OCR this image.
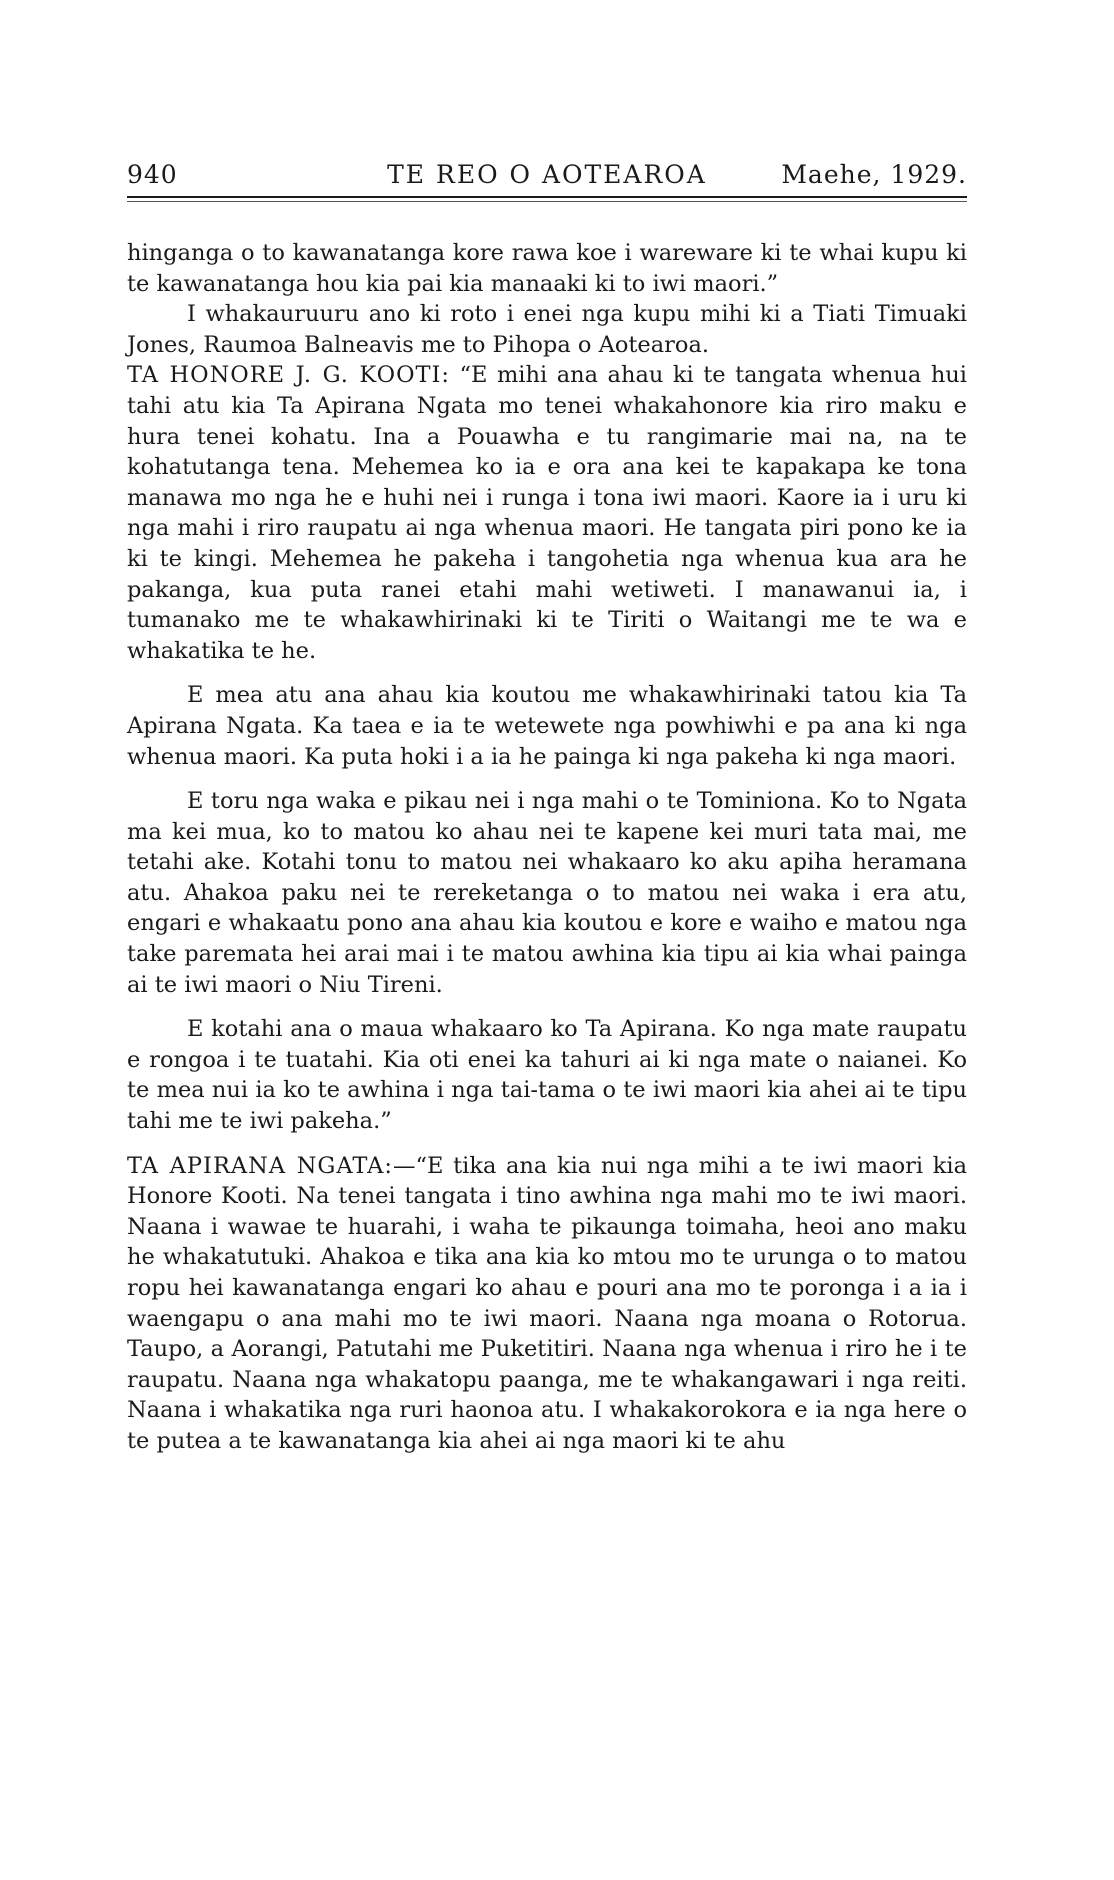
940	TE REO O AOTEAROA	Maehe, 1929.

hinganga o to kawanatanga kore rawa koe i wareware ki te whai kupu ki te kawanatanga hou kia pai kia manaaki ki to iwi maori.”

I whakauruuru ano ki roto i enei nga kupu mihi ki a Tiati Timuaki Jones, Raumoa Balneavis me to Pihopa o Aotearoa.

TA HONORE J. G. KOOTI: “E mihi ana ahau ki te tangata whenua hui tahi atu kia Ta Apirana Ngata mo tenei whakahonore kia riro maku e hura tenei kohatu. Ina a Pouawha e tu rangimarie mai na, na te kohatutanga tena. Mehemea ko ia e ora ana kei te kapakapa ke tona manawa mo nga he e huhi nei i runga i tona iwi maori. Kaore ia i uru ki nga mahi i riro raupatu ai nga whenua maori. He tangata piri pono ke ia ki te kingi. Mehemea he pakeha i tangohetia nga whenua kua ara he pakanga, kua puta ranei etahi mahi wetiweti. I manawanui ia, i tumanako me te whakawhirinaki ki te Tiriti o Waitangi me te wa e whakatika te he.

E mea atu ana ahau kia koutou me whakawhirinaki tatou kia Ta Apirana Ngata. Ka taea e ia te wetewete nga powhiwhi e pa ana ki nga whenua maori. Ka puta hoki i a ia he painga ki nga pakeha ki nga maori.

E toru nga waka e pikau nei i nga mahi o te Tominiona. Ko to Ngata ma kei mua, ko to matou ko ahau nei te kapene kei muri tata mai, me tetahi ake. Kotahi tonu to matou nei whakaaro ko aku apiha heramana atu. Ahakoa paku nei te rereketanga o to matou nei waka i era atu, engari e whakaatu pono ana ahau kia koutou e kore e waiho e matou nga take paremata hei arai mai i te matou awhina kia tipu ai kia whai painga ai te iwi maori o Niu Tireni.

E kotahi ana o maua whakaaro ko Ta Apirana. Ko nga mate raupatu e rongoa i te tuatahi. Kia oti enei ka tahuri ai ki nga mate o naianei. Ko te mea nui ia ko te awhina i nga tai-tama o te iwi maori kia ahei ai te tipu tahi me te iwi pakeha.”

TA APIRANA NGATA:—“E tika ana kia nui nga mihi a te iwi maori kia Honore Kooti. Na tenei tangata i tino awhina nga mahi mo te iwi maori. Naana i wawae te huarahi, i waha te pikaunga toimaha, heoi ano maku he whakatutuki. Ahakoa e tika ana kia ko mtou mo te urunga o to matou ropu hei kawanatanga engari ko ahau e pouri ana mo te poronga i a ia i waengapu o ana mahi mo te iwi maori. Naana nga moana o Rotorua. Taupo, a Aorangi, Patutahi me Puketitiri. Naana nga whenua i riro he i te raupatu. Naana nga whakatopu paanga, me te whakangawari i nga reiti. Naana i whakatika nga ruri haonoa atu. I whakakorokora e ia nga here o te putea a te kawanatanga kia ahei ai nga maori ki te ahu
